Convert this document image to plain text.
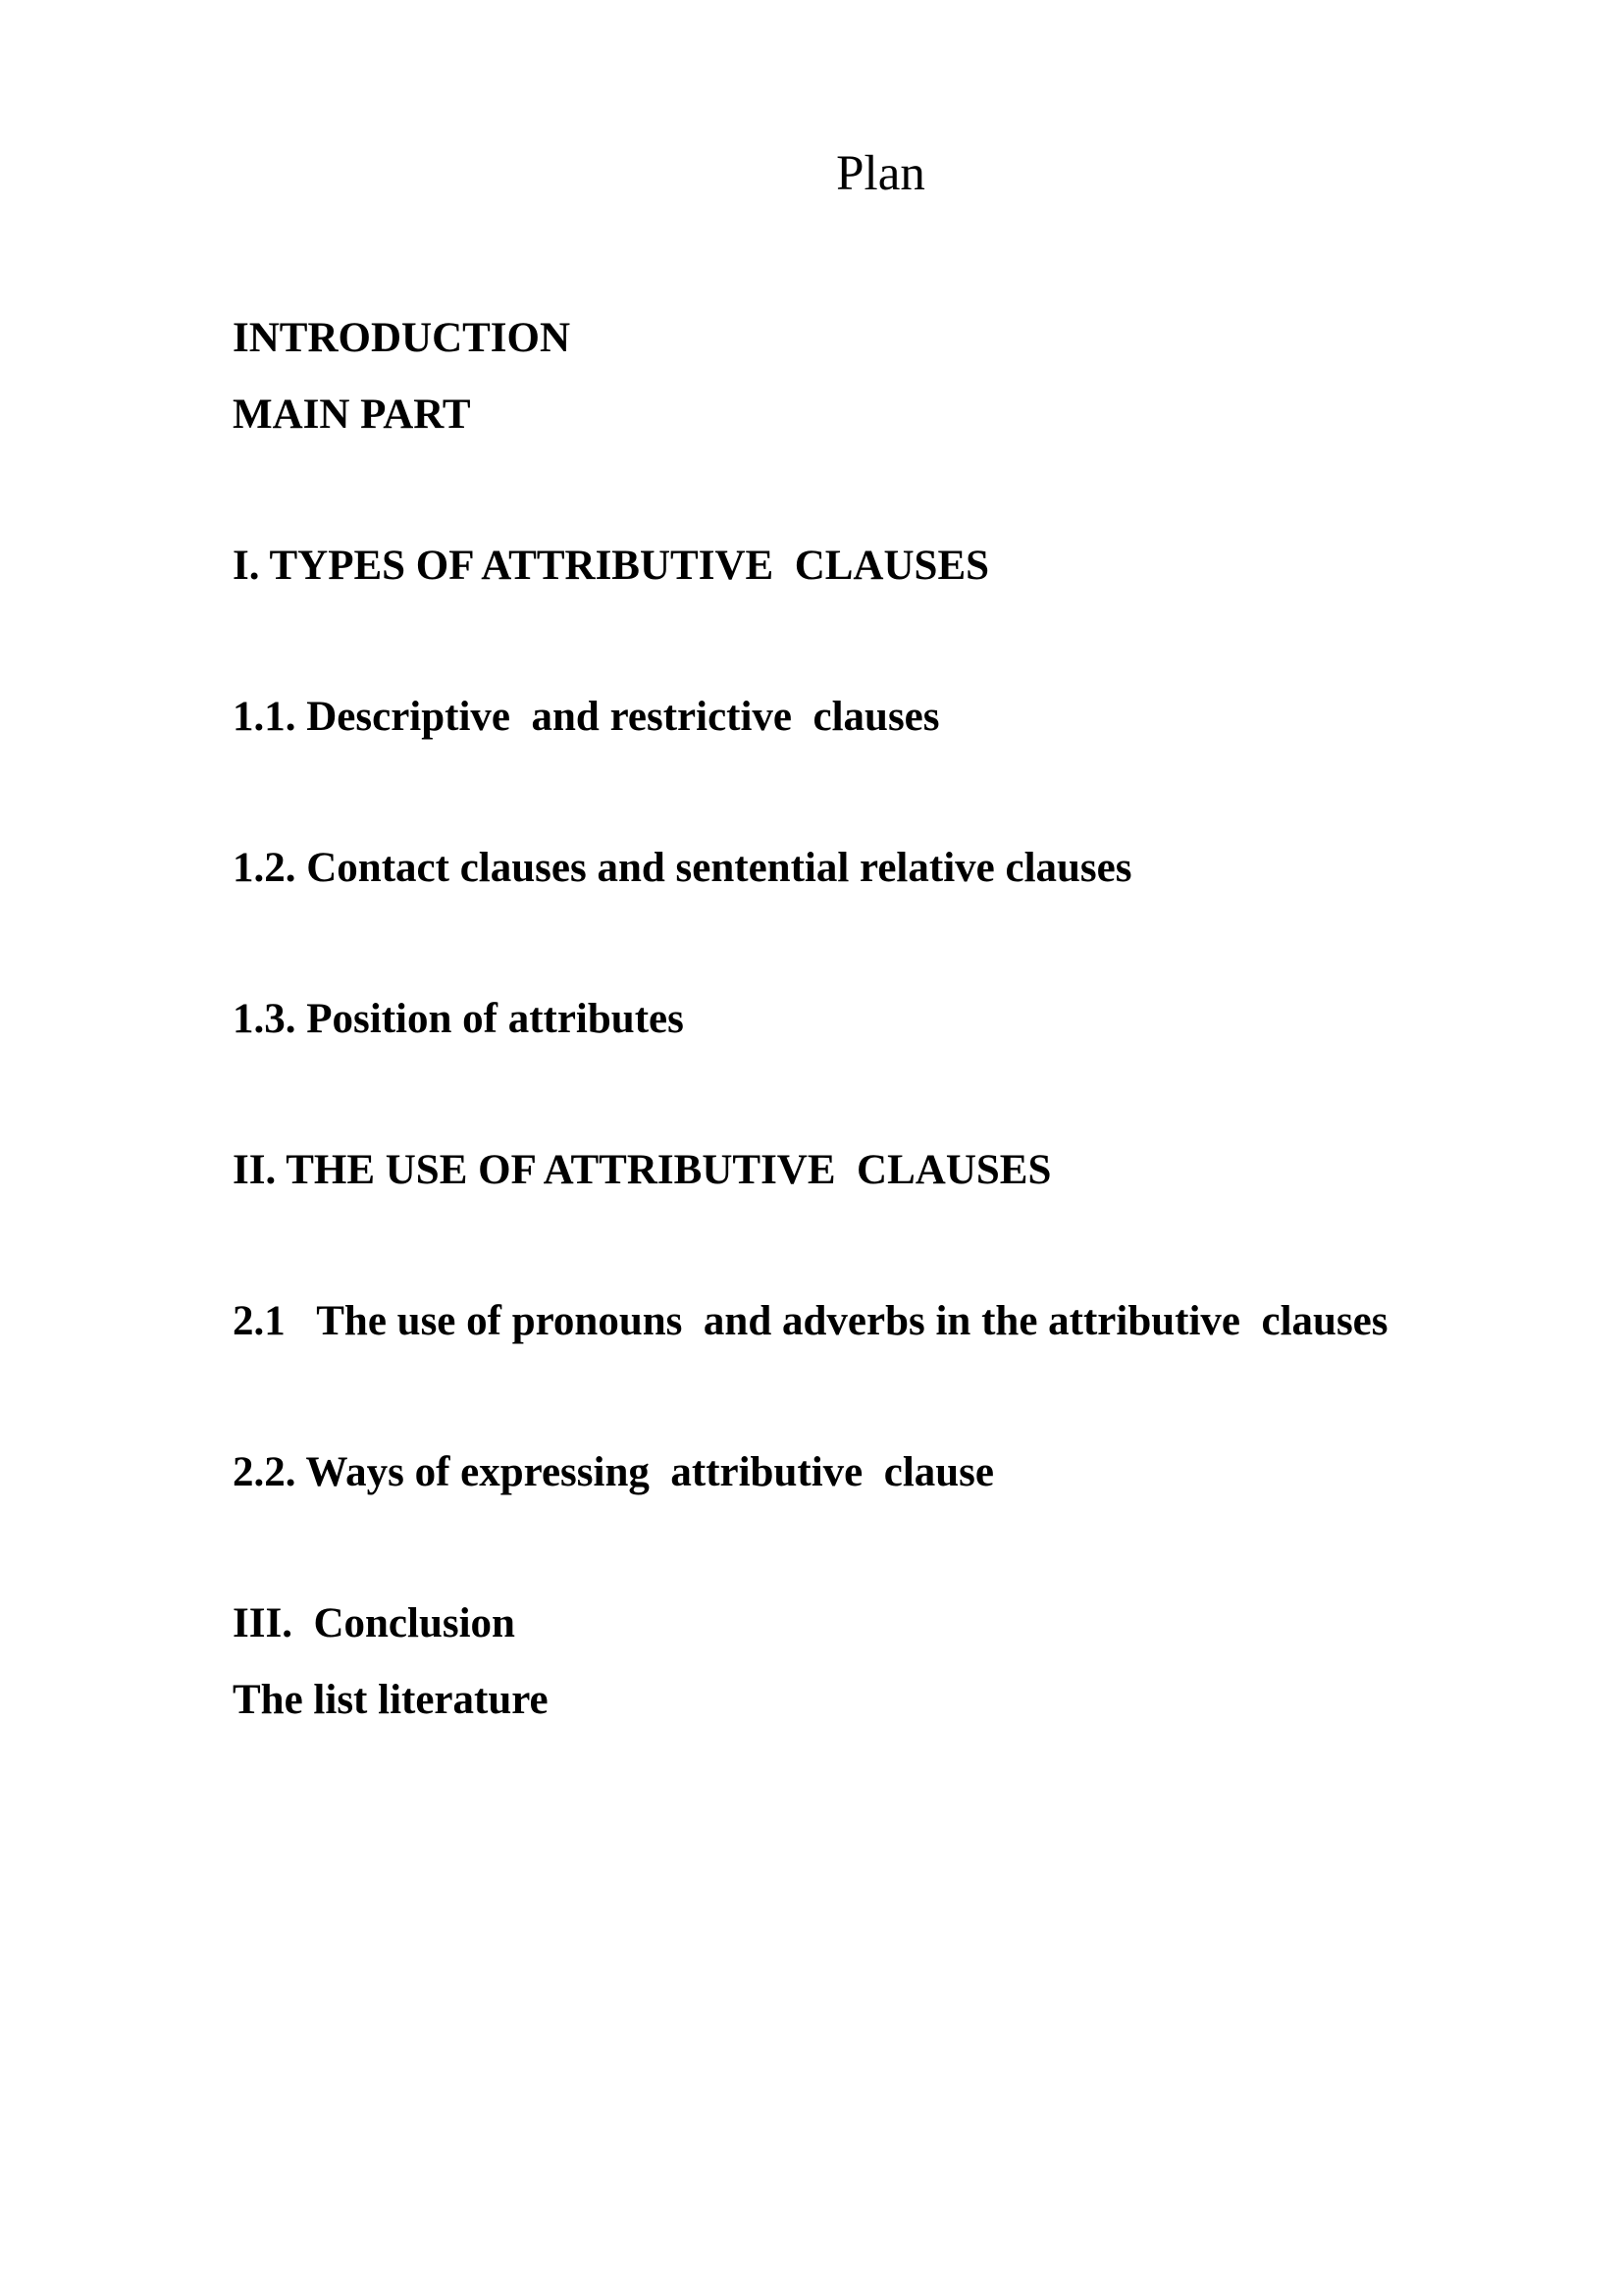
Plan

INTRODUCTION

MAIN PART

I. TYPES OF ATTRIBUTIVE  CLAUSES

1.1. Descriptive  and restrictive  clauses

1.2. Contact clauses and sentential relative clauses

1.3. Position of attributes

II. THE USE OF ATTRIBUTIVE  CLAUSES

2.1   The use of pronouns  and adverbs in the attributive  clauses

2.2. Ways of expressing  attributive  clause

III.  Conclusion

The list literature
